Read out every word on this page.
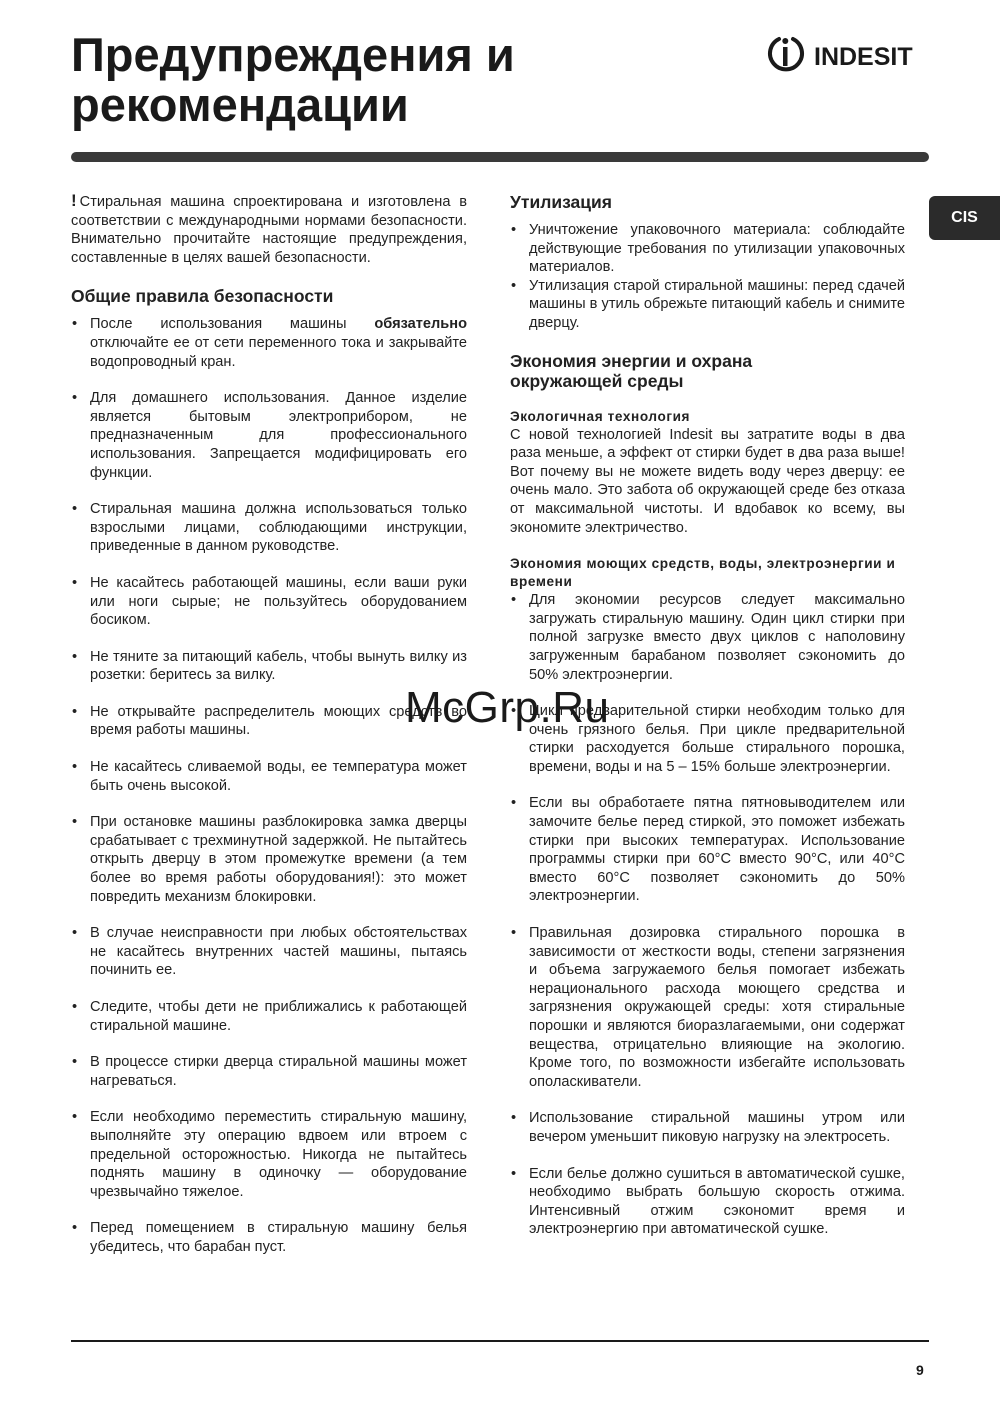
Предупреждения и
рекомендации
INDESIT
CIS

! Стиральная машина спроектирована и изготовлена в соответствии с международными нормами безопасности. Внимательно прочитайте настоящие предупреждения, составленные в целях вашей безопасности.

Общие правила безопасности
• После использования машины обязательно отключайте ее от сети переменного тока и закрывайте водопроводный кран.
• Для домашнего использования. Данное изделие является бытовым электроприбором, не предназначенным для профессионального использования. Запрещается модифицировать его функции.
• Стиральная машина должна использоваться только взрослыми лицами, соблюдающими инструкции, приведенные в данном руководстве.
• Не касайтесь работающей машины, если ваши руки или ноги сырые; не пользуйтесь оборудованием босиком.
• Не тяните за питающий кабель, чтобы вынуть вилку из розетки: беритесь за вилку.
• Не открывайте распределитель моющих средств во время работы машины.
• Не касайтесь сливаемой воды, ее температура может быть очень высокой.
• При остановке машины разблокировка замка дверцы срабатывает с трехминутной задержкой. Не пытайтесь открыть дверцу в этом промежутке времени (а тем более во время работы оборудования!): это может повредить механизм блокировки.
• В случае неисправности при любых обстоятельствах не касайтесь внутренних частей машины, пытаясь починить ее.
• Следите, чтобы дети не приближались к работающей стиральной машине.
• В процессе стирки дверца стиральной машины может нагреваться.
• Если необходимо переместить стиральную машину, выполняйте эту операцию вдвоем или втроем с предельной осторожностью. Никогда не пытайтесь поднять машину в одиночку — оборудование чрезвычайно тяжелое.
• Перед помещением в стиральную машину белья убедитесь, что барабан пуст.
Утилизация
• Уничтожение упаковочного материала: соблюдайте действующие требования по утилизации упаковочных материалов.
• Утилизация старой стиральной машины: перед сдачей машины в утиль обрежьте питающий кабель и снимите дверцу.
Экономия энергии и охрана
окружающей среды
Экологичная технология

С новой технологией Indesit вы затратите воды в два раза меньше, а эффект от стирки будет в два раза выше! Вот почему вы не можете видеть воду через дверцу: ее очень мало. Это забота об окружающей среде без отказа от максимальной чистоты. И вдобавок ко всему, вы экономите электричество.

Экономия моющих средств, воды, электроэнергии и времени
• Для экономии ресурсов следует максимально загружать стиральную машину. Один цикл стирки при полной загрузке вместо двух циклов с наполовину загруженным барабаном позволяет сэкономить до 50% электроэнергии.
• Цикл предварительной стирки необходим только для очень грязного белья. При цикле предварительной стирки расходуется больше стирального порошка, времени, воды и на 5 – 15% больше электроэнергии.
• Если вы обработаете пятна пятновыводителем или замочите белье перед стиркой, это поможет избежать стирки при высоких температурах. Использование программы стирки при 60°С вместо 90°С, или 40°С вместо 60°С позволяет сэкономить до 50% электроэнергии.
• Правильная дозировка стирального порошка в зависимости от жесткости воды, степени загрязнения и объема загружаемого белья помогает избежать нерационального расхода моющего средства и загрязнения окружающей среды: хотя стиральные порошки и являются биоразлагаемыми, они содержат вещества, отрицательно влияющие на экологию. Кроме того, по возможности избегайте использовать ополаскиватели.
• Использование стиральной машины утром или вечером уменьшит пиковую нагрузку на электросеть.
• Если белье должно сушиться в автоматической сушке, необходимо выбрать большую скорость отжима. Интенсивный отжим сэкономит время и электроэнергию при автоматической сушке.
McGrp.Ru
9
